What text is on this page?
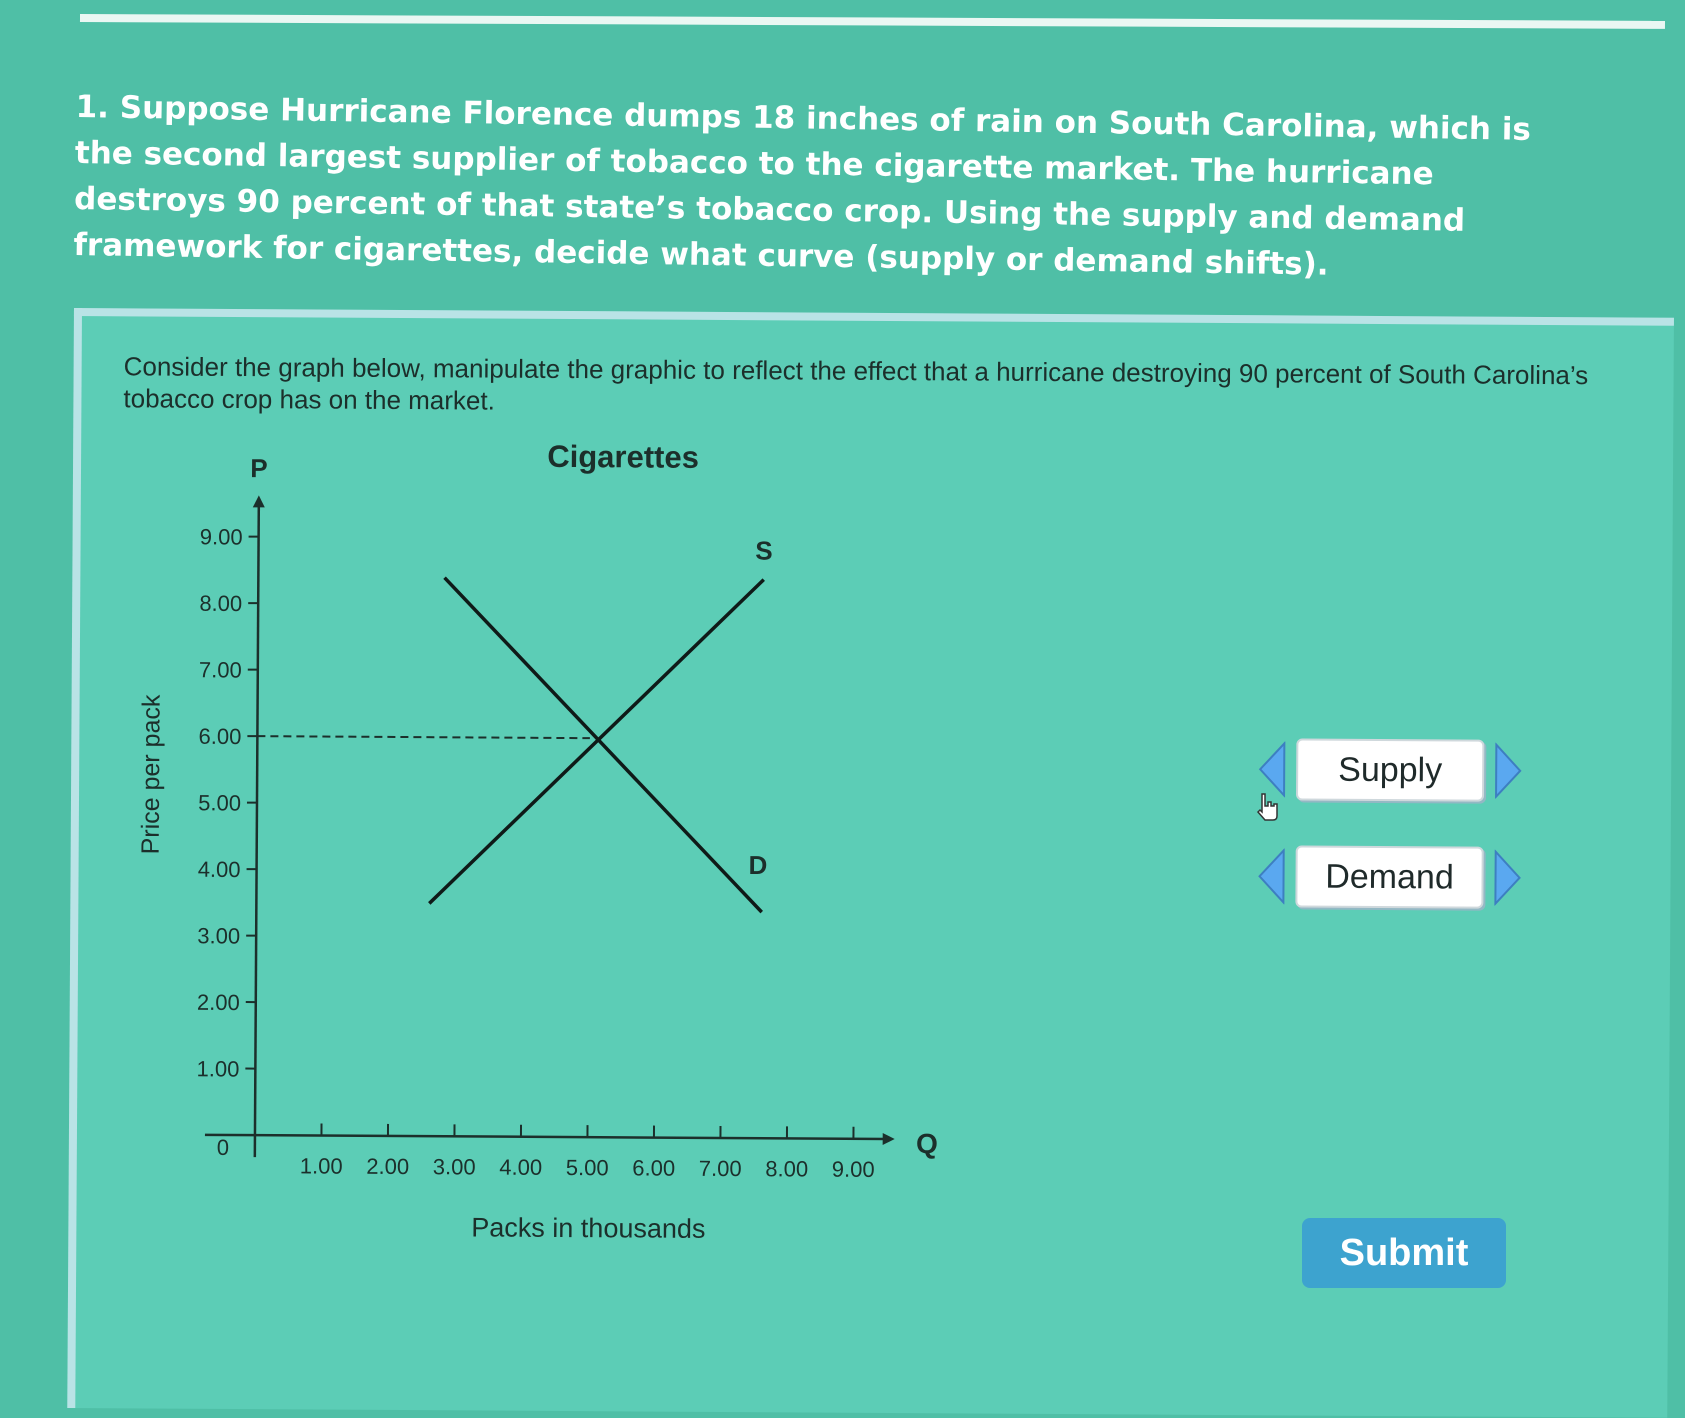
1. Suppose Hurricane Florence dumps 18 inches of rain on South Carolina, which is the second largest supplier of tobacco to the cigarette market. The hurricane destroys 90 percent of that state’s tobacco crop. Using the supply and demand framework for cigarettes, decide what curve (supply or demand shifts).

Consider the graph below, manipulate the graphic to reflect the effect that a hurricane destroying 90 percent of South Carolina’s tobacco crop has on the market.

Cigarettes
P
Q
0
Price per pack
Packs in thousands
1.00
2.00
3.00
4.00
5.00
6.00
7.00
8.00
9.00
1.00 2.00 3.00 4.00 5.00 6.00 7.00 8.00 9.00
S
D
Supply
Demand
Submit
